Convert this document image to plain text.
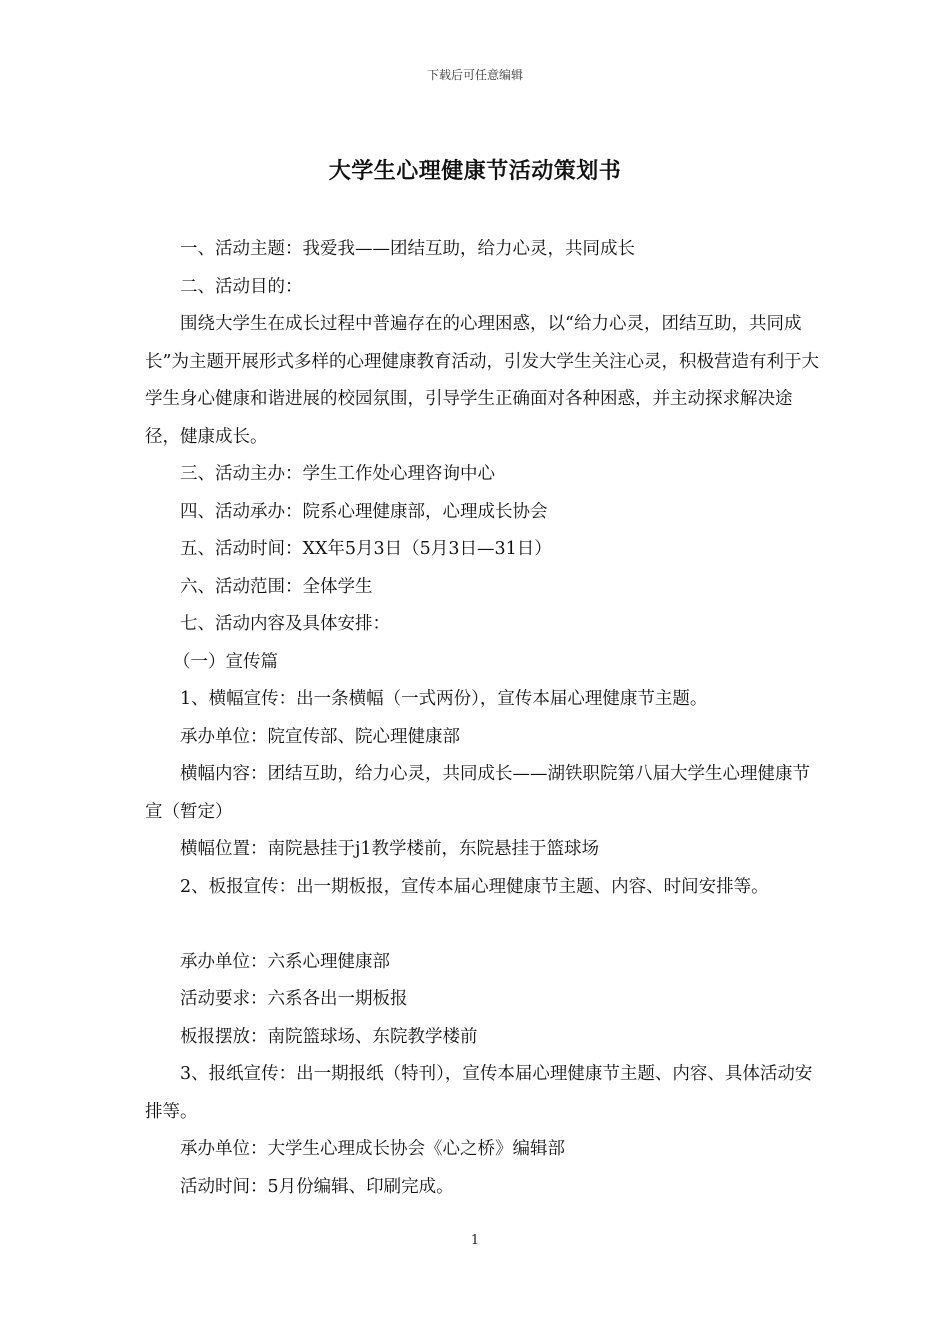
下载后可任意编辑
大学生心理健康节活动策划书

一、活动主题：我爱我——团结互助，给力心灵，共同成长

二、活动目的：

围绕大学生在成长过程中普遍存在的心理困惑，以“给力心灵，团结互助，共同成长”为主题开展形式多样的心理健康教育活动，引发大学生关注心灵，积极营造有利于大学生身心健康和谐进展的校园氛围，引导学生正确面对各种困惑，并主动探求解决途径，健康成长。

三、活动主办：学生工作处心理咨询中心

四、活动承办：院系心理健康部，心理成长协会

五、活动时间：XX年5月3日（5月3日—31日）

六、活动范围：全体学生

七、活动内容及具体安排：

（一）宣传篇

1、横幅宣传：出一条横幅（一式两份），宣传本届心理健康节主题。

承办单位：院宣传部、院心理健康部

横幅内容：团结互助，给力心灵，共同成长——湖铁职院第八届大学生心理健康节宣（暂定）

横幅位置：南院悬挂于j1教学楼前，东院悬挂于篮球场

2、板报宣传：出一期板报，宣传本届心理健康节主题、内容、时间安排等。

承办单位：六系心理健康部

活动要求：六系各出一期板报

板报摆放：南院篮球场、东院教学楼前

3、报纸宣传：出一期报纸（特刊），宣传本届心理健康节主题、内容、具体活动安排等。

承办单位：大学生心理成长协会《心之桥》编辑部

活动时间：5月份编辑、印刷完成。

1
